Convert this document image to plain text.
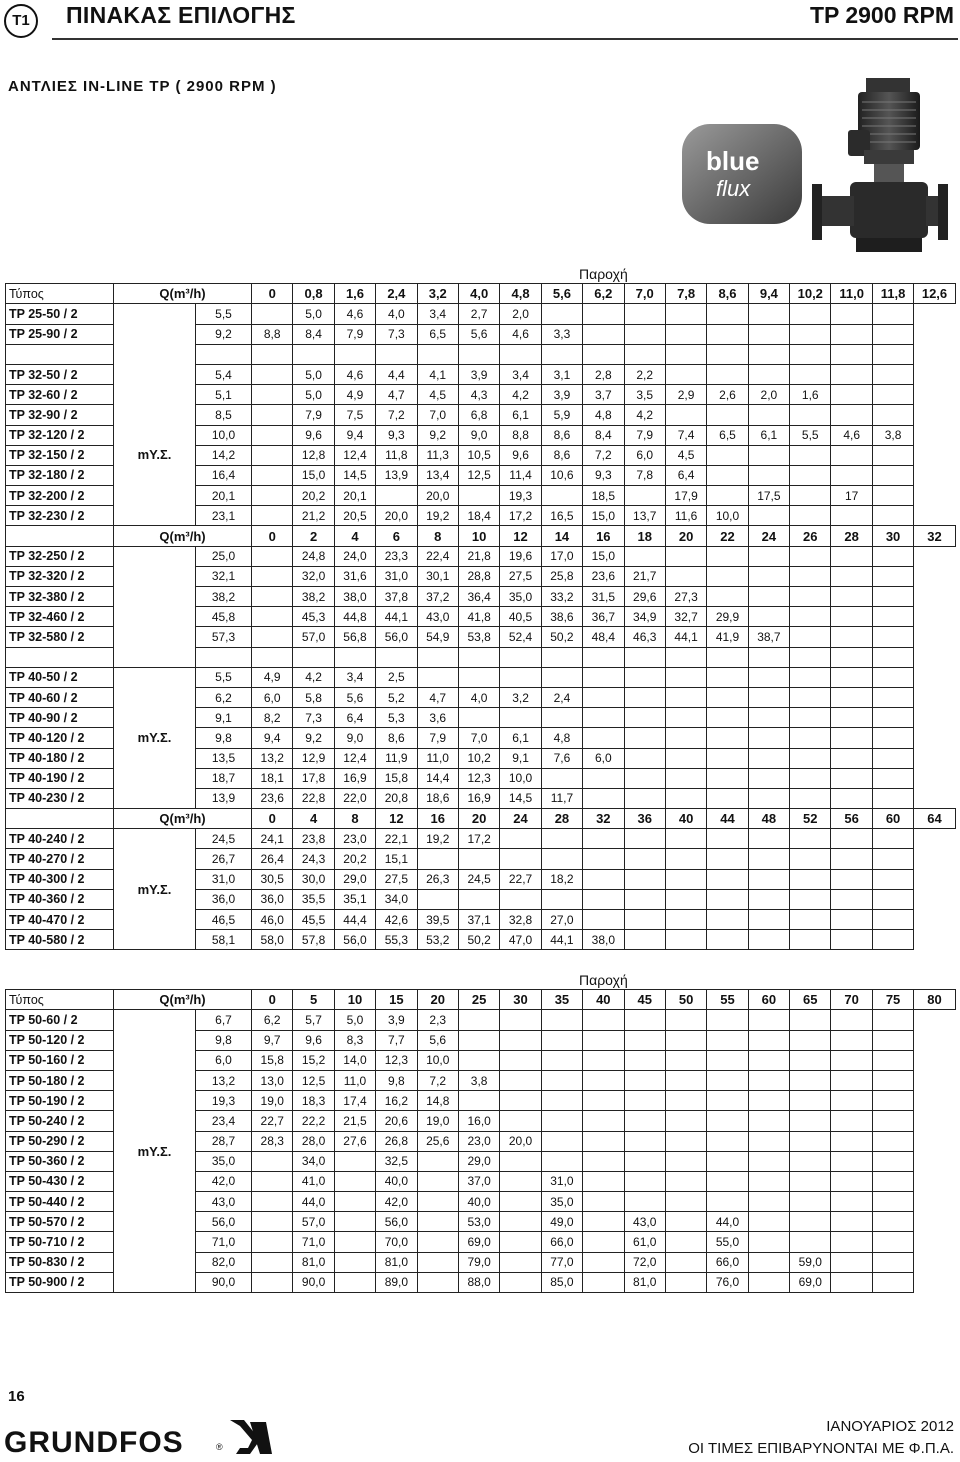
T1	ΠΙΝΑΚΑΣ ΕΠΙΛΟΓΗΣ	TP 2900 RPM
ΑΝΤΛΙΕΣ IN-LINE TP ( 2900 RPM )
blue
flux
			Παροχή																
Τύπος	Q(m³/h)		0	0,8	1,6	2,4	3,2	4,0	4,8	5,6	6,2	7,0	7,8	8,6	9,4	10,2	11,0	11,8	12,6
TP 25-50 / 2	mΥ.Σ.	5,5		5,0	4,6	4,0	3,4	2,7	2,0										
TP 25-90 / 2		9,2	8,8	8,4	7,9	7,3	6,5	5,6	4,6	3,3									

TP 32-50 / 2		5,4		5,0	4,6	4,4	4,1	3,9	3,4	3,1	2,8	2,2							
TP 32-60 / 2		5,1		5,0	4,9	4,7	4,5	4,3	4,2	3,9	3,7	3,5	2,9	2,6	2,0	1,6			
TP 32-90 / 2		8,5		7,9	7,5	7,2	7,0	6,8	6,1	5,9	4,8	4,2							
TP 32-120 / 2		10,0		9,6	9,4	9,3	9,2	9,0	8,8	8,6	8,4	7,9	7,4	6,5	6,1	5,5	4,6	3,8	
TP 32-150 / 2		14,2		12,8	12,4	11,8	11,3	10,5	9,6	8,6	7,2	6,0	4,5						
TP 32-180 / 2		16,4		15,0	14,5	13,9	13,4	12,5	11,4	10,6	9,3	7,8	6,4						
TP 32-200 / 2		20,1		20,2	20,1		20,0		19,3		18,5		17,9		17,5		17		
TP 32-230 / 2		23,1		21,2	20,5	20,0	19,2	18,4	17,2	16,5	15,0	13,7	11,6	10,0					
	Q(m³/h)		0	2	4	6	8	10	12	14	16	18	20	22	24	26	28	30	32
TP 32-250 / 2		25,0		24,8	24,0	23,3	22,4	21,8	19,6	17,0	15,0								
TP 32-320 / 2		32,1		32,0	31,6	31,0	30,1	28,8	27,5	25,8	23,6	21,7							
TP 32-380 / 2		38,2		38,2	38,0	37,8	37,2	36,4	35,0	33,2	31,5	29,6	27,3						
TP 32-460 / 2		45,8		45,3	44,8	44,1	43,0	41,8	40,5	38,6	36,7	34,9	32,7	29,9					
TP 32-580 / 2		57,3		57,0	56,8	56,0	54,9	53,8	52,4	50,2	48,4	46,3	44,1	41,9	38,7				

TP 40-50 / 2	mΥ.Σ.	5,5	4,9	4,2	3,4	2,5													
TP 40-60 / 2		6,2	6,0	5,8	5,6	5,2	4,7	4,0	3,2	2,4									
TP 40-90 / 2		9,1	8,2	7,3	6,4	5,3	3,6												
TP 40-120 / 2		9,8	9,4	9,2	9,0	8,6	7,9	7,0	6,1	4,8									
TP 40-180 / 2		13,5	13,2	12,9	12,4	11,9	11,0	10,2	9,1	7,6	6,0								
TP 40-190 / 2		18,7	18,1	17,8	16,9	15,8	14,4	12,3	10,0										
TP 40-230 / 2		13,9	23,6	22,8	22,0	20,8	18,6	16,9	14,5	11,7									
	Q(m³/h)		0	4	8	12	16	20	24	28	32	36	40	44	48	52	56	60	64
TP 40-240 / 2	mΥ.Σ.	24,5	24,1	23,8	23,0	22,1	19,2	17,2											
TP 40-270 / 2		26,7	26,4	24,3	20,2	15,1													
TP 40-300 / 2		31,0	30,5	30,0	29,0	27,5	26,3	24,5	22,7	18,2									
TP 40-360 / 2		36,0	36,0	35,5	35,1	34,0													
TP 40-470 / 2		46,5	46,0	45,5	44,4	42,6	39,5	37,1	32,8	27,0									
TP 40-580 / 2		58,1	58,0	57,8	56,0	55,3	53,2	50,2	47,0	44,1	38,0								
			Παροχή																
Τύπος	Q(m³/h)		0	5	10	15	20	25	30	35	40	45	50	55	60	65	70	75	80
TP 50-60 / 2	mΥ.Σ.	6,7	6,2	5,7	5,0	3,9	2,3												
TP 50-120 / 2		9,8	9,7	9,6	8,3	7,7	5,6												
TP 50-160 / 2		6,0	15,8	15,2	14,0	12,3	10,0												
TP 50-180 / 2		13,2	13,0	12,5	11,0	9,8	7,2	3,8											
TP 50-190 / 2		19,3	19,0	18,3	17,4	16,2	14,8												
TP 50-240 / 2		23,4	22,7	22,2	21,5	20,6	19,0	16,0											
TP 50-290 / 2		28,7	28,3	28,0	27,6	26,8	25,6	23,0	20,0										
TP 50-360 / 2		35,0		34,0		32,5		29,0											
TP 50-430 / 2		42,0		41,0		40,0		37,0		31,0									
TP 50-440 / 2		43,0		44,0		42,0		40,0		35,0									
TP 50-570 / 2		56,0		57,0		56,0		53,0		49,0		43,0		44,0					
TP 50-710 / 2		71,0		71,0		70,0		69,0		66,0		61,0		55,0					
TP 50-830 / 2		82,0		81,0		81,0		79,0		77,0		72,0		66,0		59,0			
TP 50-900 / 2		90,0		90,0		89,0		88,0		85,0		81,0		76,0		69,0			
16
GRUNDFOS	®
ΙΑΝΟΥΑΡΙΟΣ 2012
ΟΙ ΤΙΜΕΣ ΕΠΙΒΑΡΥΝΟΝΤΑΙ ΜΕ Φ.Π.Α.
